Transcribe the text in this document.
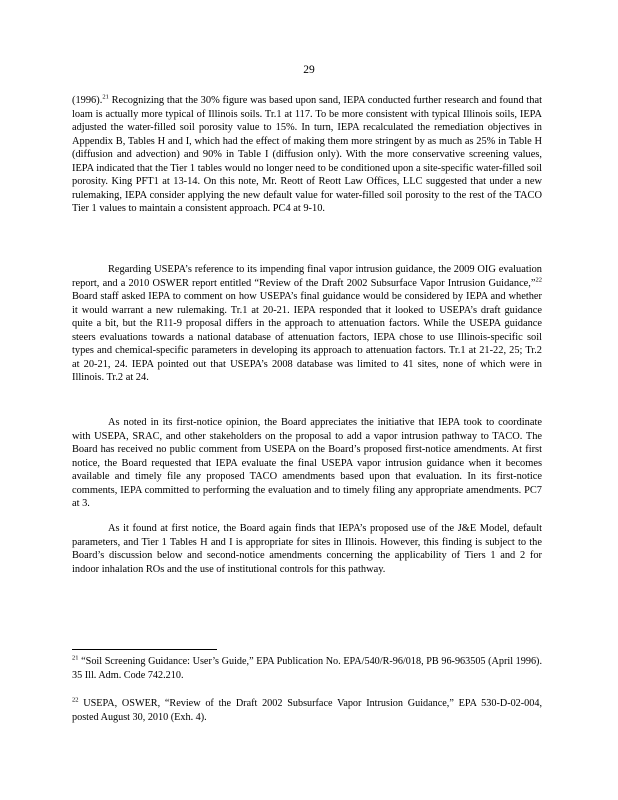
29

(1996).$^{21}$ Recognizing that the 30% figure was based upon sand, IEPA conducted further research and found that loam is actually more typical of Illinois soils. Tr.1 at 117. To be more consistent with typical Illinois soils, IEPA adjusted the water-filled soil porosity value to 15%. In turn, IEPA recalculated the remediation objectives in Appendix B, Tables H and I, which had the effect of making them more stringent by as much as 25% in Table H (diffusion and advection) and 90% in Table I (diffusion only). With the more conservative screening values, IEPA indicated that the Tier 1 tables would no longer need to be conditioned upon a site-specific water-filled soil porosity. King PFT1 at 13-14. On this note, Mr. Reott of Reott Law Offices, LLC suggested that under a new rulemaking, IEPA consider applying the new default value for water-filled soil porosity to the rest of the TACO Tier 1 values to maintain a consistent approach. PC4 at 9-10.

Regarding USEPA’s reference to its impending final vapor intrusion guidance, the 2009 OIG evaluation report, and a 2010 OSWER report entitled “Review of the Draft 2002 Subsurface Vapor Intrusion Guidance,”$^{22}$ Board staff asked IEPA to comment on how USEPA’s final guidance would be considered by IEPA and whether it would warrant a new rulemaking. Tr.1 at 20-21. IEPA responded that it looked to USEPA’s draft guidance quite a bit, but the R11-9 proposal differs in the approach to attenuation factors. While the USEPA guidance steers evaluations towards a national database of attenuation factors, IEPA chose to use Illinois-specific soil types and chemical-specific parameters in developing its approach to attenuation factors. Tr.1 at 21-22, 25; Tr.2 at 20-21, 24. IEPA pointed out that USEPA’s 2008 database was limited to 41 sites, none of which were in Illinois. Tr.2 at 24.

As noted in its first-notice opinion, the Board appreciates the initiative that IEPA took to coordinate with USEPA, SRAC, and other stakeholders on the proposal to add a vapor intrusion pathway to TACO. The Board has received no public comment from USEPA on the Board’s proposed first-notice amendments. At first notice, the Board requested that IEPA evaluate the final USEPA vapor intrusion guidance when it becomes available and timely file any proposed TACO amendments based upon that evaluation. In its first-notice comments, IEPA committed to performing the evaluation and to timely filing any appropriate amendments. PC7 at 3.

As it found at first notice, the Board again finds that IEPA’s proposed use of the J&E Model, default parameters, and Tier 1 Tables H and I is appropriate for sites in Illinois. However, this finding is subject to the Board’s discussion below and second-notice amendments concerning the applicability of Tiers 1 and 2 for indoor inhalation ROs and the use of institutional controls for this pathway.

$^{21}$ “Soil Screening Guidance: User’s Guide,” EPA Publication No. EPA/540/R-96/018, PB 96-963505 (April 1996). 35 Ill. Adm. Code 742.210.

$^{22}$ USEPA, OSWER, “Review of the Draft 2002 Subsurface Vapor Intrusion Guidance,” EPA 530-D-02-004, posted August 30, 2010 (Exh. 4).
